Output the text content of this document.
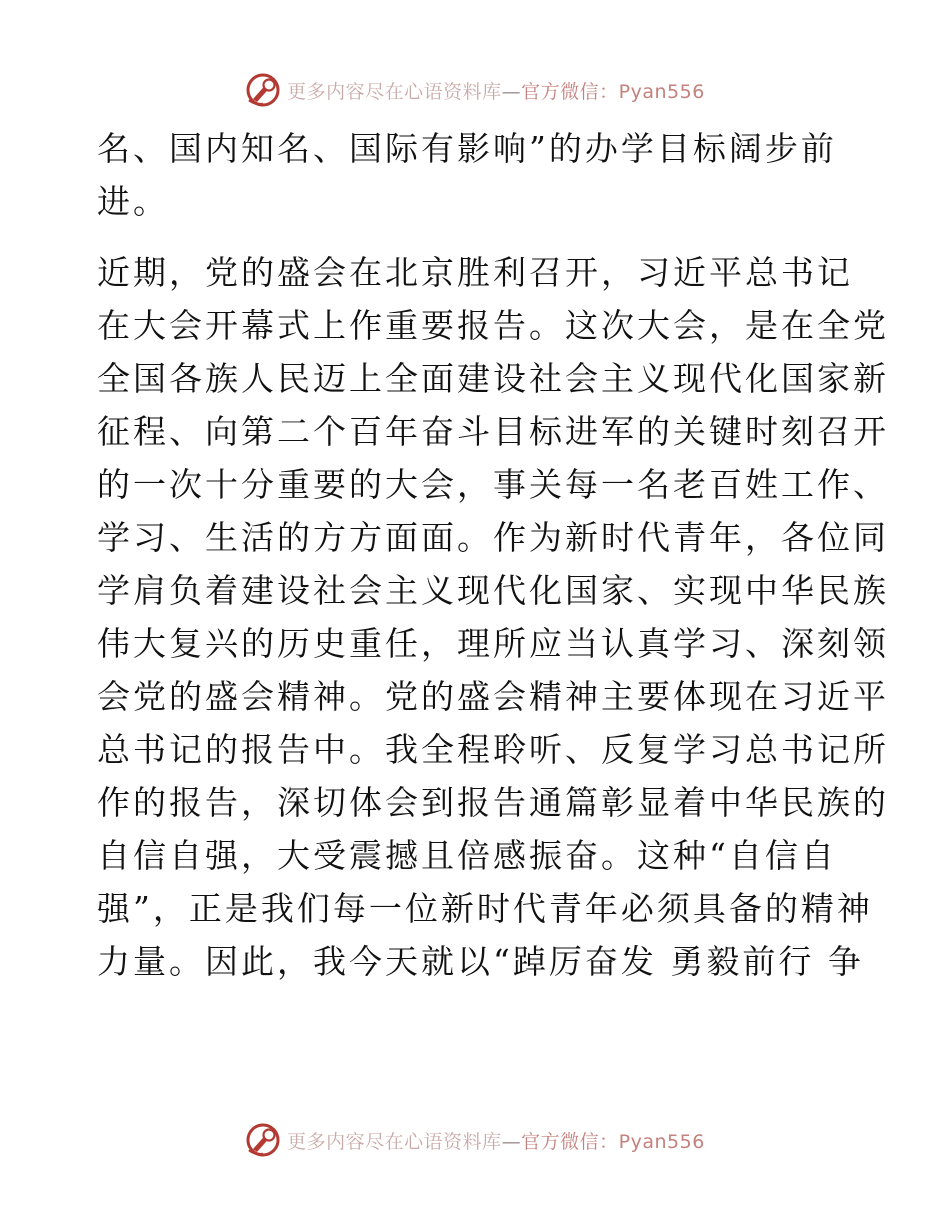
更多内容尽在心语资料库—官方微信：Pyan556
名、国内知名、国际有影响”的办学目标阔步前
进。
近期，党的盛会在北京胜利召开，习近平总书记
在大会开幕式上作重要报告。这次大会，是在全党
全国各族人民迈上全面建设社会主义现代化国家新
征程、向第二个百年奋斗目标进军的关键时刻召开
的一次十分重要的大会，事关每一名老百姓工作、
学习、生活的方方面面。作为新时代青年，各位同
学肩负着建设社会主义现代化国家、实现中华民族
伟大复兴的历史重任，理所应当认真学习、深刻领
会党的盛会精神。党的盛会精神主要体现在习近平
总书记的报告中。我全程聆听、反复学习总书记所
作的报告，深切体会到报告通篇彰显着中华民族的
自信自强，大受震撼且倍感振奋。这种“自信自
强”，正是我们每一位新时代青年必须具备的精神
力量。因此，我今天就以“踔厉奋发 勇毅前行 争
更多内容尽在心语资料库—官方微信：Pyan556
